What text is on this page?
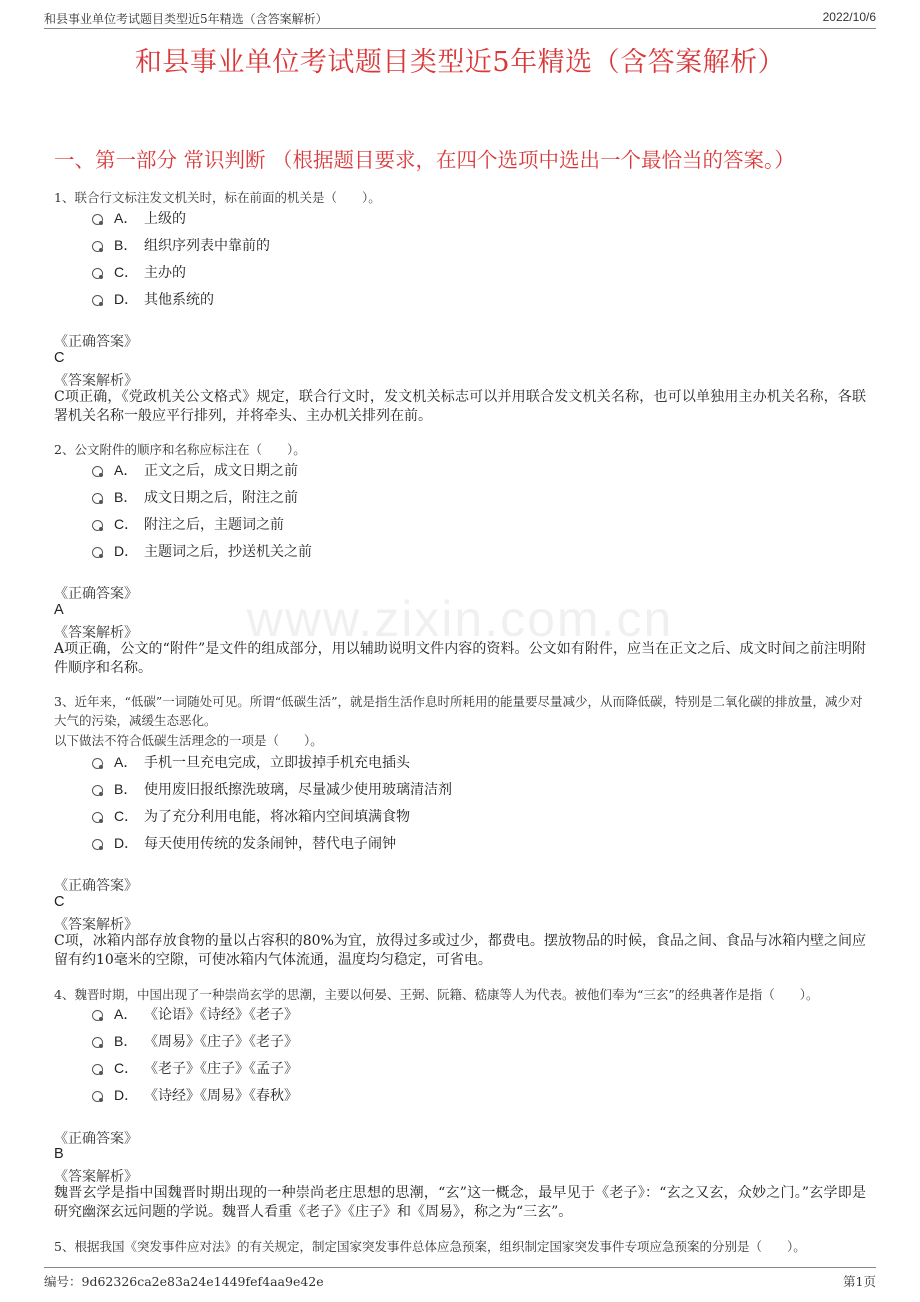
和县事业单位考试题目类型近5年精选（含答案解析）	2022/10/6
和县事业单位考试题目类型近5年精选（含答案解析）
一、第一部分 常识判断 （根据题目要求，在四个选项中选出一个最恰当的答案。）
www.zixin.com.cn
1、联合行文标注发文机关时，标在前面的机关是（　　）。
A． 上级的
B． 组织序列表中靠前的
C． 主办的
D． 其他系统的
《正确答案》
C
《答案解析》
C项正确，《党政机关公文格式》规定，联合行文时，发文机关标志可以并用联合发文机关名称，也可以单独用主办机关名称，各联署机关名称一般应平行排列，并将牵头、主办机关排列在前。
2、公文附件的顺序和名称应标注在（　　）。
A． 正文之后，成文日期之前
B． 成文日期之后，附注之前
C． 附注之后，主题词之前
D． 主题词之后，抄送机关之前
《正确答案》
A
《答案解析》
A项正确，公文的“附件”是文件的组成部分，用以辅助说明文件内容的资料。公文如有附件，应当在正文之后、成文时间之前注明附件顺序和名称。
3、近年来，“低碳”一词随处可见。所谓“低碳生活”，就是指生活作息时所耗用的能量要尽量减少，从而降低碳，特别是二氧化碳的排放量，减少对大气的污染，减缓生态恶化。
以下做法不符合低碳生活理念的一项是（　　）。
A． 手机一旦充电完成，立即拔掉手机充电插头
B． 使用废旧报纸擦洗玻璃，尽量减少使用玻璃清洁剂
C． 为了充分利用电能，将冰箱内空间填满食物
D． 每天使用传统的发条闹钟，替代电子闹钟
《正确答案》
C
《答案解析》
C项，冰箱内部存放食物的量以占容积的80%为宜，放得过多或过少，都费电。摆放物品的时候，食品之间、食品与冰箱内壁之间应留有约10毫米的空隙，可使冰箱内气体流通，温度均匀稳定，可省电。
4、魏晋时期，中国出现了一种崇尚玄学的思潮，主要以何晏、王弼、阮籍、嵇康等人为代表。被他们奉为“三玄”的经典著作是指（　　）。
A． 《论语》《诗经》《老子》
B． 《周易》《庄子》《老子》
C． 《老子》《庄子》《孟子》
D． 《诗经》《周易》《春秋》
《正确答案》
B
《答案解析》
魏晋玄学是指中国魏晋时期出现的一种崇尚老庄思想的思潮，“玄”这一概念，最早见于《老子》：“玄之又玄，众妙之门。”玄学即是研究幽深玄远问题的学说。魏晋人看重《老子》《庄子》和《周易》，称之为“三玄”。
5、根据我国《突发事件应对法》的有关规定，制定国家突发事件总体应急预案，组织制定国家突发事件专项应急预案的分别是（　　）。
编号：9d62326ca2e83a24e1449fef4aa9e42e	第1页
